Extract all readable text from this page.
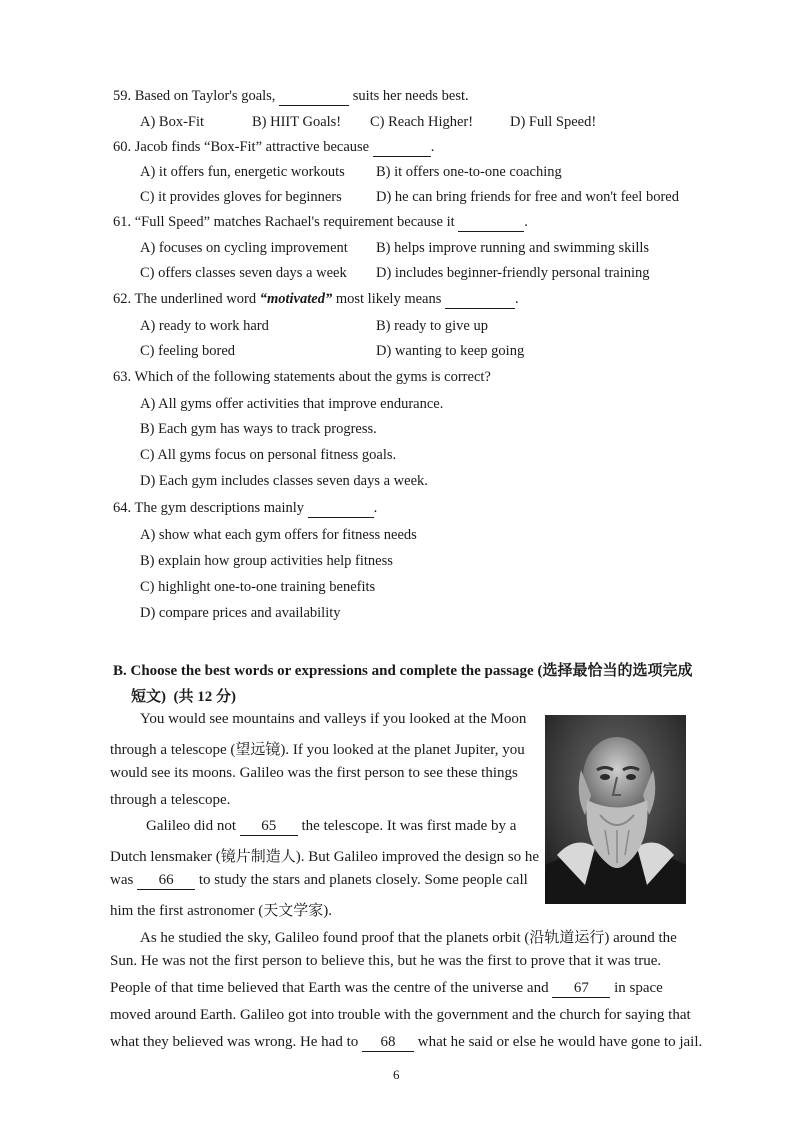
59. Based on Taylor's goals,	suits her needs best.
A) Box-Fit	B) HIIT Goals! C) Reach Higher!	D) Full Speed!
60. Jacob finds “Box-Fit” attractive because	.
A) it offers fun, energetic workouts B) it offers one-to-one coaching
C) it provides gloves for beginners D) he can bring friends for free and won't feel bored
61. “Full Speed” matches Rachael's requirement because it	.
A) focuses on cycling improvement B) helps improve running and swimming skills
C) offers classes seven days a week D) includes beginner-friendly personal training
62. The underlined word “motivated” most likely means	.
A) ready to work hard	B) ready to give up
C) feeling bored	D) wanting to keep going
63. Which of the following statements about the gyms is correct?
A) All gyms offer activities that improve endurance.
B) Each gym has ways to track progress.
C) All gyms focus on personal fitness goals.
D) Each gym includes classes seven days a week.
64. The gym descriptions mainly	.
A) show what each gym offers for fitness needs
B) explain how group activities help fitness
C) highlight one-to-one training benefits
D) compare prices and availability
B. Choose the best words or expressions and complete the passage (选择最恰当的选项完成
短文)  (共 12 分)
You would see mountains and valleys if you looked at the Moon
through a telescope (望远镜). If you looked at the planet Jupiter, you
would see its moons. Galileo was the first person to see these things
through a telescope.
Galileo did not 65 the telescope. It was first made by a
Dutch lensmaker (镜片制造人). But Galileo improved the design so he
was 66 to study the stars and planets closely. Some people call
him the first astronomer (天文学家).
As he studied the sky, Galileo found proof that the planets orbit (沿轨道运行) around the
Sun. He was not the first person to believe this, but he was the first to prove that it was true.
People of that time believed that Earth was the centre of the universe and 67 in space
moved around Earth. Galileo got into trouble with the government and the church for saying that
what they believed was wrong. He had to 68 what he said or else he would have gone to jail.
6
